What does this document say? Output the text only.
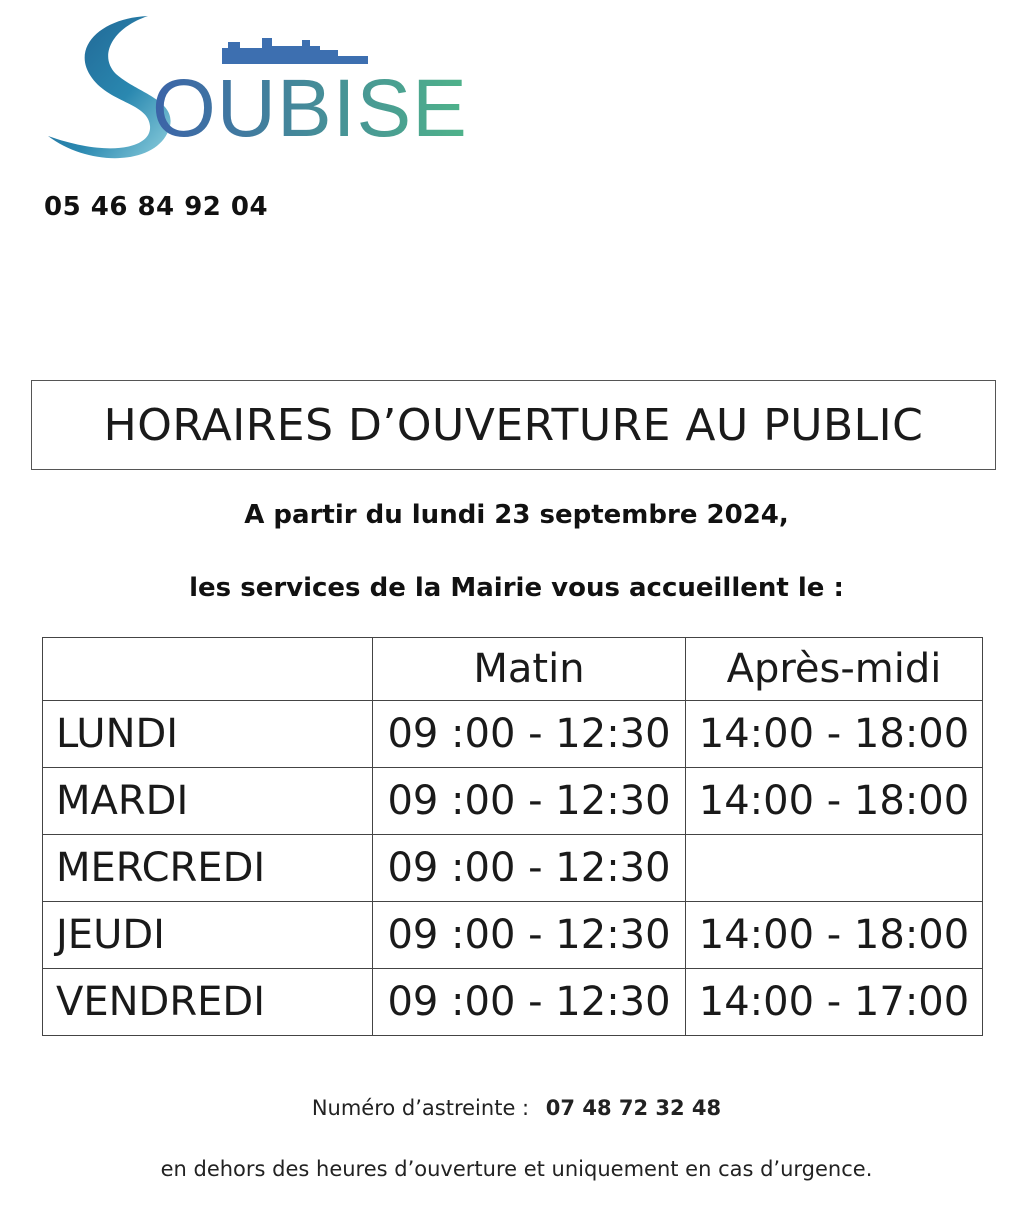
OUBISE
05 46 84 92 04
HORAIRES D’OUVERTURE AU PUBLIC
A partir du lundi 23 septembre 2024,
les services de la Mairie vous accueillent le :
	Matin	Après-midi
LUNDI	09 :00 - 12:30	14:00 - 18:00
MARDI	09 :00 - 12:30	14:00 - 18:00
MERCREDI	09 :00 - 12:30	
JEUDI	09 :00 - 12:30	14:00 - 18:00
VENDREDI	09 :00 - 12:30	14:00 - 17:00
Numéro d’astreinte : 07 48 72 32 48
en dehors des heures d’ouverture et uniquement en cas d’urgence.
